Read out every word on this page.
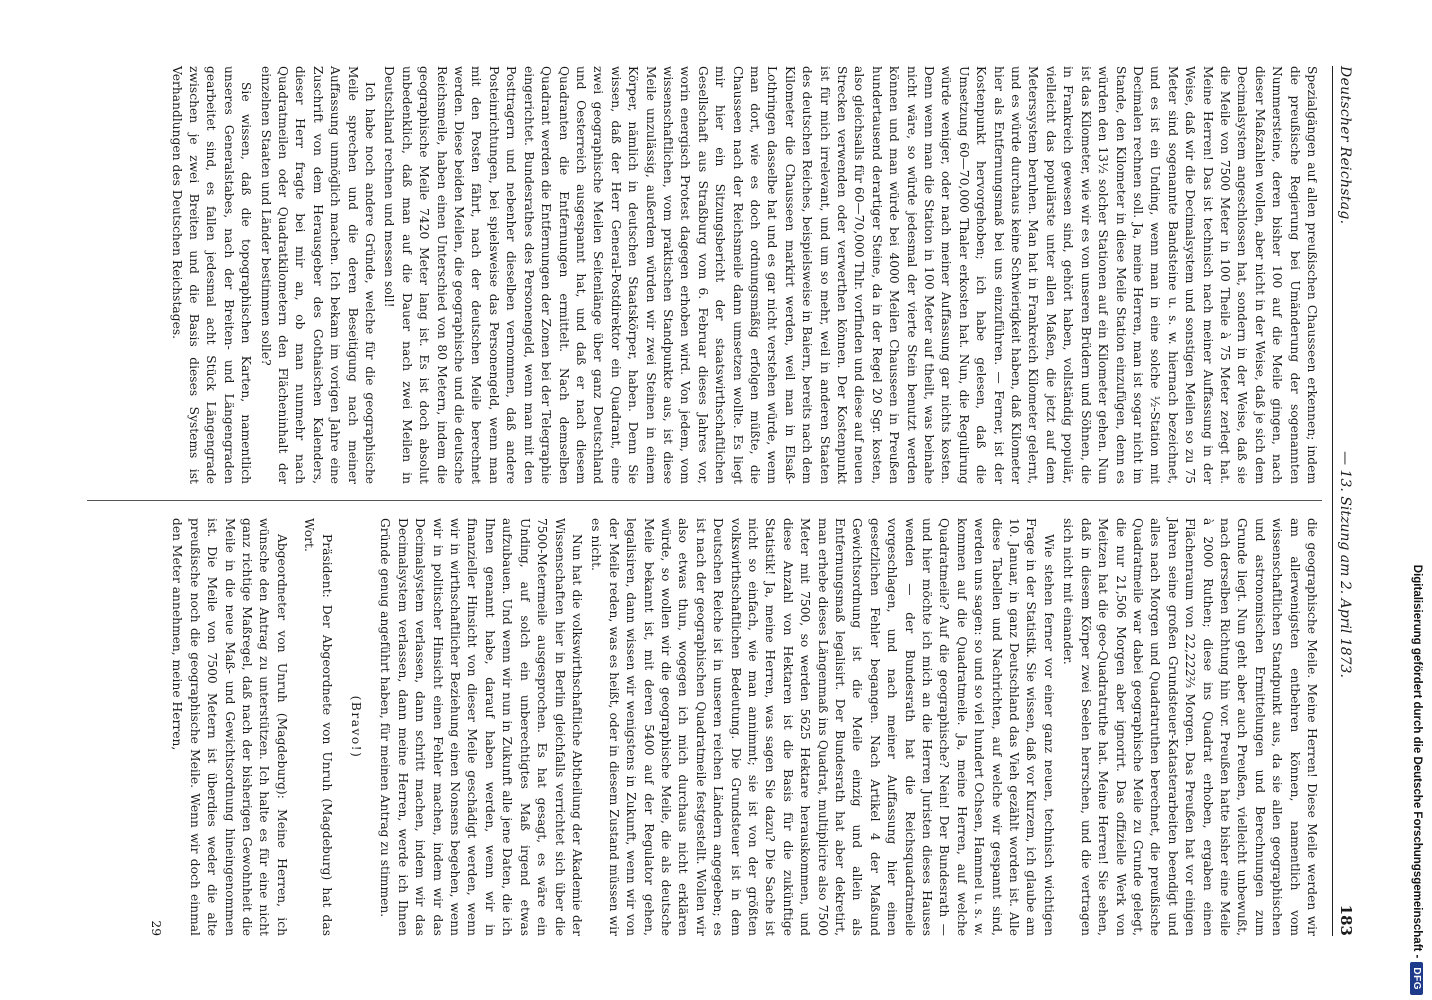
Deutscher Reichstag.
— 13. Sitzung am 2. April 1873.
183

Spezialgängen auf allen preußischen Chausseen erkennen; indem die preußische Regierung bei Umänderung der sogenannten Nummersteine, deren bisher 100 auf die Meile gingen, nach dieser Maßzahlen wollen, aber nicht in der Weise, daß je sich dem Decimalsystem angeschlossen hat, sondern in der Weise, daß sie die Meile von 7500 Meter in 100 Theile à 75 Meter zerlegt hat. Meine Herren! Das ist technisch nach meiner Auffassung in der Weise, daß wir die Decimalsystem und sonstigen Meilen so zu 75 Meter sind sogenannte Bandsteine u. s. w. hiernach bezeichnet, und es ist ein Unding, wenn man in eine solche ½-Station mit Decimalen rechnen soll. Ja, meine Herren, man ist sogar nicht im Stande, den Kilometer in diese Meile Station einzufügen, denn es würden den 13½ solcher Stationen auf ein Kilometer gehen. Nun ist das Kilometer, wie wir es von unseren Brüdern und Söhnen, die in Frankreich gewesen sind, gehört haben, vollständig populär, vielleicht das populärste unter allen Maßen, die jetzt auf dem Meterssystem beruhen. Man hat in Frankreich Kilometer gelernt, und es würde durchaus keine Schwierigkeit haben, daß Kilometer hier als Entfernungsmaß bei uns einzuführen. — Ferner, ist der Kostenpunkt hervorgehoben; ich habe gelesen, daß die Umsetzung 60—70,000 Thaler erkosten hat. Nun, die Regulirung würde weniger, oder nach meiner Auffassung gar nichts kosten. Denn wenn man die Station in 100 Meter auf theilt, was beinahe nicht wäre, so würde jedesmal der vierte Stein benutzt werden können und man würde bei 4000 Meilen Chausseen in Preußen hundertausend derartiger Steine, da in der Regel 20 Sgr. kosten, also gleichsalls für 60—70,000 Thlr. vorfinden und diese auf neuen Strecken verwenden oder verwerthen können. Der Kostenpunkt ist für mich irrelevant, und um so mehr, weil in anderen Staaten des deutschen Reiches, beispielsweise in Baiern, bereits nach dem Kilometer die Chausseen markirt werden, weil man in Elsaß-Lothringen dasselbe hat und es gar nicht verstehen würde, wenn man dort, wie es doch ordnungsmäßig erfolgen müßte, die Chausseen nach der Reichsmeile dann umsetzen wollte. Es liegt mir hier ein Sitzungsbericht der staatswirthschaftlichen Gesellschaft aus Straßburg vom 6. Februar dieses Jahres vor, worin energisch Protest dagegen erhoben wird. Von jedem, vom wissenschaftlichen, vom praktischen Standpunkte aus, ist diese Meile unzulässig, außerdem würden wir zwei Steinen in einem Körper, nämlich in deutschen Staatskörper, haben. Denn Sie wissen, daß der Herr General-Postdirektor ein Quadrant, eine zwei geographische Meilen Seitenlänge über ganz Deutschland und Oesterreich ausgespannt hat, und daß er nach diesem Quadranten die Entfernungen ermittelt. Nach demselben Quadrant werden die Entfernungen der Zonen bei der Telegraphie eingerichtet. Bundesrathes des Personengeld, wenn man mit den Posttragern und nebenher dieselben vernommen, daß andere Posteinrichtungen, bei spielsweise das Personengeld, wenn man mit den Posten fährt, nach der deutschen Meile berechnet werden. Diese beiden Meilen, die geographische und die deutsche Reichsmeile, haben einen Unterschied von 80 Metern, indem die geographische Meile 7420 Meter lang ist. Es ist doch absolut unbedenklich, daß man auf die Dauer nach zwei Meilen in Deutschland rechnen und messen soll!

Ich habe noch andere Gründe, welche für die geographische Meile sprechen und die deren Beseitigung nach meiner Auffassung unmöglich machen. Ich bekam im vorigen Jahre eine Zuschrift von dem Herausgeber des Gothaischen Kalenders, dieser Herr fragte bei mir an, ob man nunmehr nach Quadratmeilen oder Quadratkilometern den Flächeninhalt der einzelnen Staaten und Länder bestimmen solle?

Sie wissen, daß die topographischen Karten, namentlich unseres Generalstabes, nach der Breiten- und Längengraden gearbeitet sind, es fallen jedesmal acht Stück Längengrade zwischen je zwei Breiten und die Basis dieses Systems ist Verhandlungen des Deutschen Reichstages.

die geographische Meile. Meine Herren! Diese Meile werden wir am allerwenigsten entbehren können, namentlich vom wissenschaftlichen Standpunkt aus, da sie allen geographischen und astronomischen Ermittelungen und Berechnungen zum Grunde liegt. Nun geht aber auch Preußen, vielleicht unbewußt, nach derselben Richtung hin vor. Preußen hatte bisher eine Meile à 2000 Ruthen; diese ins Quadrat erhoben, ergaben einen Flächenraum von 22,222⅔ Morgen. Das Preußen hat vor einigen Jahren seine großen Grundsteuer-Katasterarbeiten beendigt und alles nach Morgen und Quadratruthen berechnet, die preußische Quadratmeile war dabei geographische Meile zu Grunde gelegt, die nur 21,506 Morgen aber ignorirt. Das offizielle Werk von Meitzen hat die geo-Quadratruthe hat. Meine Herren! Sie sehen, daß in diesem Körper zwei Seelen herrschen, und die vertragen sich nicht mit einander.

Wie stehen ferner vor einer ganz neuen, technisch wichtigen Frage in der Statistik. Sie wissen, daß vor Kurzem, ich glaube am 10. Januar, in ganz Deutschland das Vieh gezählt worden ist. Alle diese Tabellen und Nachrichten, auf welche wir gespannt sind, werden uns sagen: so und so viel hundert Ochsen, Hammel u. s. w. kommen auf die Quadratmeile. Ja, meine Herren, auf welche Quadratmeile? Auf die geographische? Nein! Der Bundesrath — und hier möchte ich mich an die Herren Juristen dieses Hauses wenden — der Bundesrath hat die Reichsquadratmeile vorgeschlagen, und nach meiner Auffassung hier einen gesetzlichen Fehler begangen. Nach Artikel 4 der Maßund Gewichtsordnung ist die Meile einzig und allein als Entfernungsmaß legalisirt. Der Bundesrath hat aber dekretirt, man erhebe dieses Längenmaß ins Quadrat, multiplicire also 7500 Meter mit 7500, so werden 5625 Hektare herauskommen, und diese Anzahl von Hektaren ist die Basis für die zukünftige Statistik! Ja, meine Herren, was sagen Sie dazu? Die Sache ist nicht so einfach, wie man annimmt; sie ist von der größten volkswirthschaftlichen Bedeutung. Die Grundsteuer ist in dem Deutschen Reiche ist in unseren reichen Ländern angegeben; es ist nach der geographischen Quadratmeile festgestellt. Wollen wir also etwas thun, wogegen ich mich durchaus nicht erklären würde, so wollen wir die geographische Meile, die als deutsche Meile bekannt ist, mit deren 5400 auf der Regulator gehen, legalisiren, dann wissen wir wenigstens in Zukunft, wenn wir von der Meile reden, was es heißt, oder in diesem Zustand müssen wir es nicht.

Nun hat die volkswirthschaftliche Abtheilung der Akademie der Wissenschaften hier in Berlin gleichfalls verrichtet sich über die 7500-Metermeile ausgesprochen. Es hat gesagt, es wäre ein Unding, auf solch ein unberechtigtes Maß irgend etwas aufzubauen. Und wenn wir nun in Zukunft alle jene Daten, die ich Ihnen genannt habe, darauf haben werden, wenn wir in finanzieller Hinsicht von dieser Meile geschädigt werden, wenn wir in wirthschaftlicher Beziehung einen Nonsens begehen, wenn wir in politischer Hinsicht einen Fehler machen, indem wir das Decimalsystem verlassen, dann schritt machen, indem wir das Decimalsystem verlassen, dann meine Herren, werde ich Ihnen Gründe genug angeführt haben, für meinen Antrag zu stimmen.

(Bravo!)

Präsident: Der Abgeordnete von Unruh (Magdeburg) hat das Wort.

Abgeordneter von Unruh (Magdeburg): Meine Herren, ich wünsche den Antrag zu unterstützen. Ich halte es für eine nicht ganz richtige Maßregel, daß nach der bisherigen Gewohnheit die Meile in die neue Maß- und Gewichtsordnung hineingenommen ist. Die Meile von 7500 Metern ist überdies weder die alte preußische noch die geographische Meile. Wenn wir doch einmal den Meter annehmen, meine Herren,

29	Digitalisierung gefördert durch die Deutsche Forschungsgemeinschaft -
DFG
